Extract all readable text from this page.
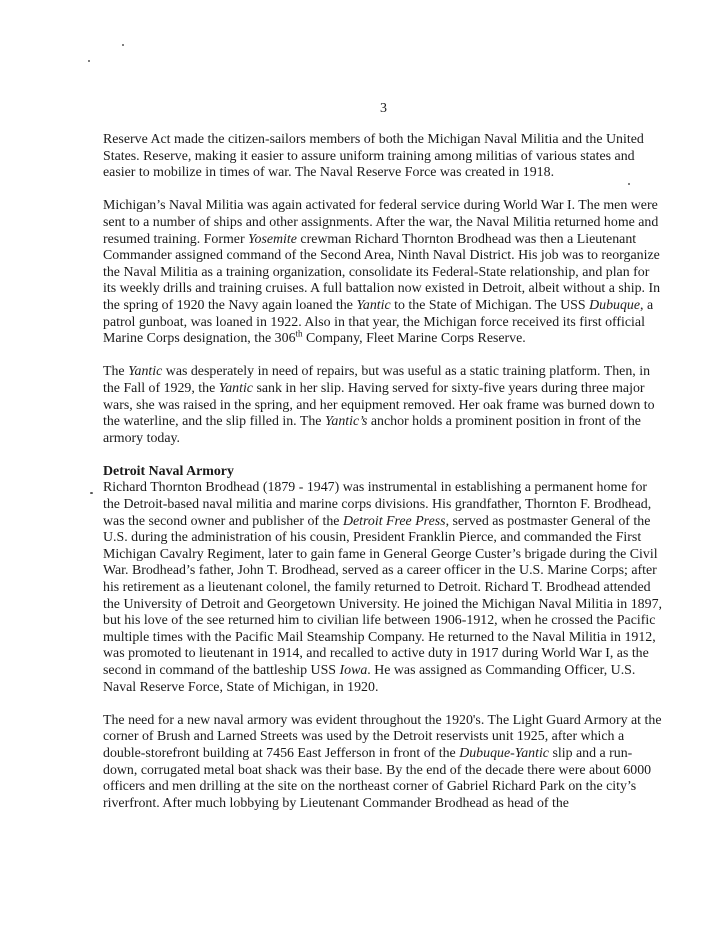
3

Reserve Act made the citizen-sailors members of both the Michigan Naval Militia and the United States. Reserve, making it easier to assure uniform training among militias of various states and easier to mobilize in times of war. The Naval Reserve Force was created in 1918.

Michigan’s Naval Militia was again activated for federal service during World War I. The men were sent to a number of ships and other assignments. After the war, the Naval Militia returned home and resumed training. Former Yosemite crewman Richard Thornton Brodhead was then a Lieutenant Commander assigned command of the Second Area, Ninth Naval District. His job was to reorganize the Naval Militia as a training organization, consolidate its Federal-State relationship, and plan for its weekly drills and training cruises. A full battalion now existed in Detroit, albeit without a ship. In the spring of 1920 the Navy again loaned the Yantic to the State of Michigan. The USS Dubuque, a patrol gunboat, was loaned in 1922. Also in that year, the Michigan force received its first official Marine Corps designation, the 306th Company, Fleet Marine Corps Reserve.

The Yantic was desperately in need of repairs, but was useful as a static training platform. Then, in the Fall of 1929, the Yantic sank in her slip. Having served for sixty-five years during three major wars, she was raised in the spring, and her equipment removed. Her oak frame was burned down to the waterline, and the slip filled in. The Yantic’s anchor holds a prominent position in front of the armory today.

Detroit Naval Armory

Richard Thornton Brodhead (1879 - 1947) was instrumental in establishing a permanent home for the Detroit-based naval militia and marine corps divisions. His grandfather, Thornton F. Brodhead, was the second owner and publisher of the Detroit Free Press, served as postmaster General of the U.S. during the administration of his cousin, President Franklin Pierce, and commanded the First Michigan Cavalry Regiment, later to gain fame in General George Custer’s brigade during the Civil War. Brodhead’s father, John T. Brodhead, served as a career officer in the U.S. Marine Corps; after his retirement as a lieutenant colonel, the family returned to Detroit. Richard T. Brodhead attended the University of Detroit and Georgetown University. He joined the Michigan Naval Militia in 1897, but his love of the see returned him to civilian life between 1906-1912, when he crossed the Pacific multiple times with the Pacific Mail Steamship Company. He returned to the Naval Militia in 1912, was promoted to lieutenant in 1914, and recalled to active duty in 1917 during World War I, as the second in command of the battleship USS Iowa. He was assigned as Commanding Officer, U.S. Naval Reserve Force, State of Michigan, in 1920.

The need for a new naval armory was evident throughout the 1920's. The Light Guard Armory at the corner of Brush and Larned Streets was used by the Detroit reservists unit 1925, after which a double-storefront building at 7456 East Jefferson in front of the Dubuque-Yantic slip and a run-down, corrugated metal boat shack was their base. By the end of the decade there were about 6000 officers and men drilling at the site on the northeast corner of Gabriel Richard Park on the city’s riverfront. After much lobbying by Lieutenant Commander Brodhead as head of the
